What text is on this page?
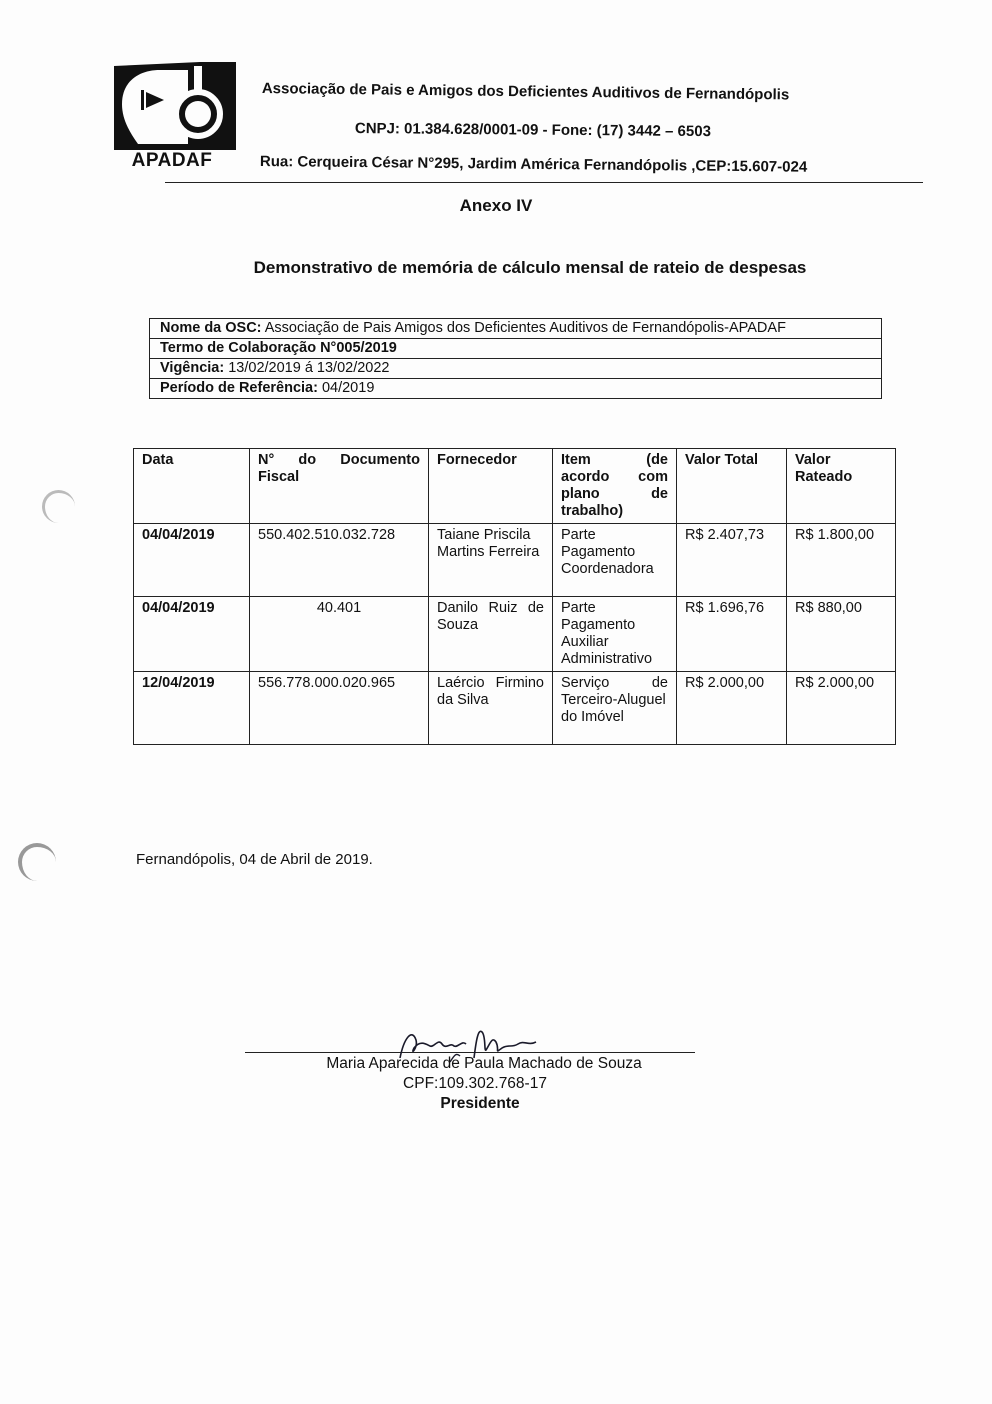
APADAF
Associação de Pais e Amigos dos Deficientes Auditivos de Fernandópolis
CNPJ: 01.384.628/0001-09 - Fone: (17) 3442 – 6503
Rua: Cerqueira César N°295, Jardim América Fernandópolis ,CEP:15.607-024
Anexo IV
Demonstrativo de memória de cálculo mensal de rateio de despesas
Nome da OSC: Associação de Pais Amigos dos Deficientes Auditivos de Fernandópolis-APADAF
Termo de Colaboração N°005/2019
Vigência: 13/02/2019 á 13/02/2022
Período de Referência: 04/2019
Data	N° do Documento Fiscal	Fornecedor	Item (de acordo com plano de trabalho)	Valor Total	Valor Rateado
04/04/2019	550.402.510.032.728	Taiane Priscila Martins Ferreira	Parte Pagamento Coordenadora	R$ 2.407,73	R$ 1.800,00
04/04/2019	40.401	Danilo Ruiz de Souza	Parte Pagamento Auxiliar Administrativo	R$ 1.696,76	R$ 880,00
12/04/2019	556.778.000.020.965	Laércio Firmino da Silva	Serviço de Terceiro-Aluguel do Imóvel	R$ 2.000,00	R$ 2.000,00
Fernandópolis, 04 de Abril de 2019.
Maria Aparecida de Paula Machado de Souza
CPF:109.302.768-17
Presidente
